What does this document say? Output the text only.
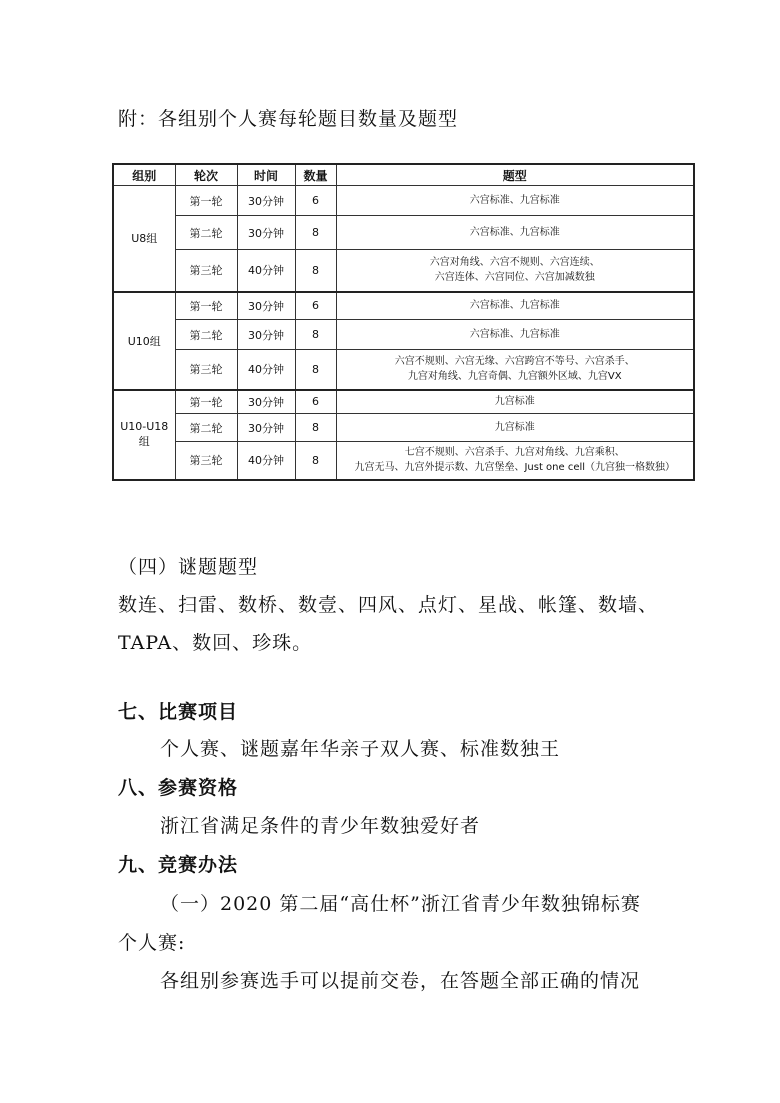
附：各组别个人赛每轮题目数量及题型
组别	轮次	时间	数量	题型
U8组	第一轮	30分钟	6	六宫标准、九宫标准
	第二轮	30分钟	8	六宫标准、九宫标准
	第三轮	40分钟	8	六宫对角线、六宫不规则、六宫连续、
六宫连体、六宫同位、六宫加减数独

U10组	第一轮	30分钟	6	六宫标准、九宫标准
	第二轮	30分钟	8	六宫标准、九宫标准
	第三轮	40分钟	8	六宫不规则、六宫无缘、六宫跨宫不等号、六宫杀手、
九宫对角线、九宫奇偶、九宫额外区域、九宫VX

U10-U18组	第一轮	30分钟	6	九宫标准
	第二轮	30分钟	8	九宫标准
	第三轮	40分钟	8	七宫不规则、六宫杀手、九宫对角线、九宫乘积、
九宫无马、九宫外提示数、九宫堡垒、Just one cell（九宫独一格数独）
（四）谜题题型
数连、扫雷、数桥、数壹、四风、点灯、星战、帐篷、数墙、
TAPA、数回、珍珠。
七、比赛项目
个人赛、谜题嘉年华亲子双人赛、标准数独王
八、参赛资格
浙江省满足条件的青少年数独爱好者
九、竞赛办法
（一）2020 第二届“高仕杯”浙江省青少年数独锦标赛
个人赛:
各组别参赛选手可以提前交卷，在答题全部正确的情况
